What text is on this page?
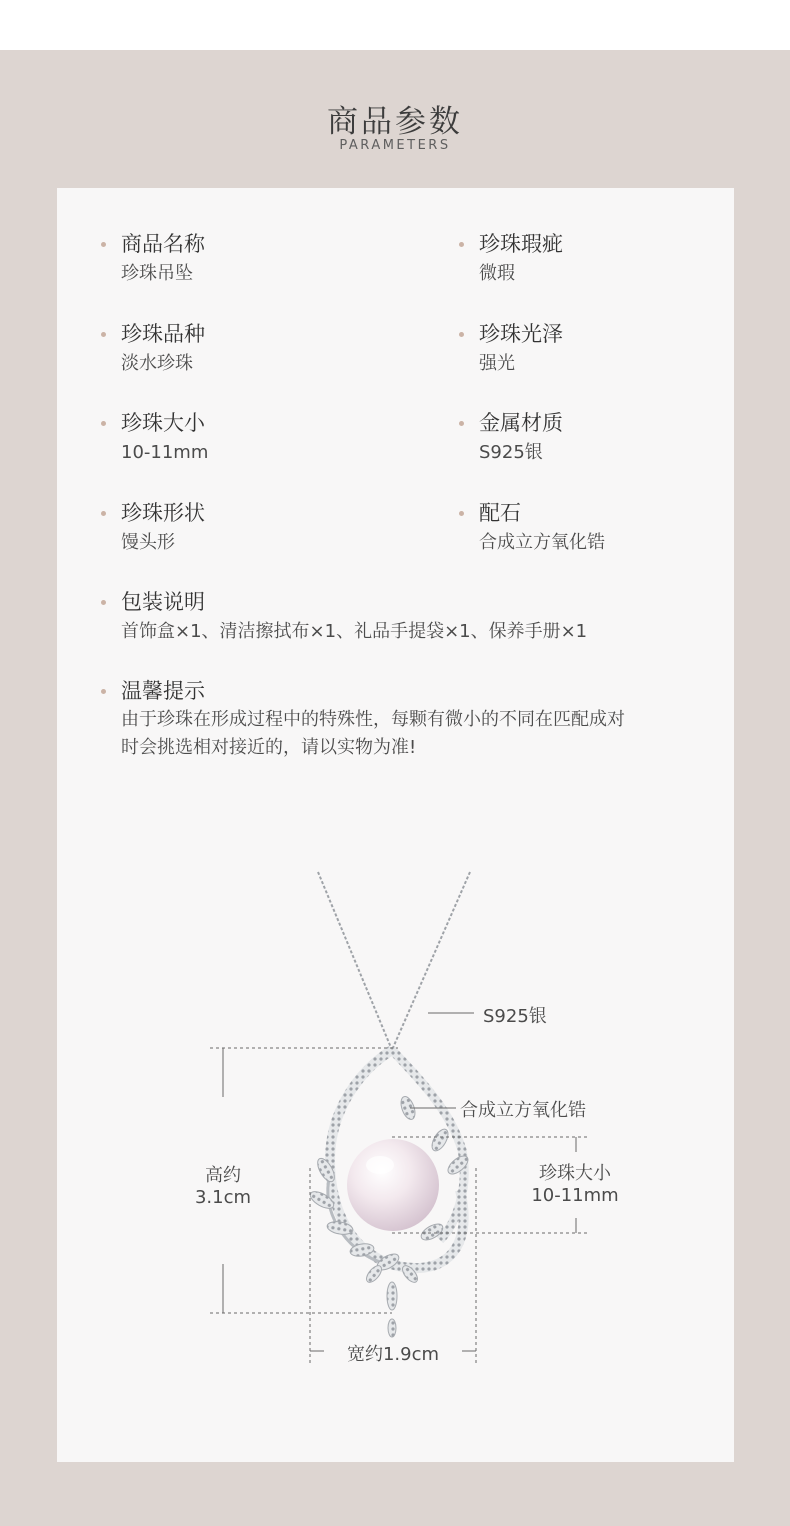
商品参数
PARAMETERS
商品名称
珍珠吊坠
珍珠品种
淡水珍珠
珍珠大小
10-11mm
珍珠形状
馒头形
珍珠瑕疵
微瑕
珍珠光泽
强光
金属材质
S925银
配石
合成立方氧化锆
包装说明
首饰盒×1、清洁擦拭布×1、礼品手提袋×1、保养手册×1
温馨提示
由于珍珠在形成过程中的特殊性，每颗有微小的不同在匹配成对
时会挑选相对接近的，请以实物为准!
S925银
合成立方氧化锆
高约
3.1cm
珍珠大小
10-11mm
宽约1.9cm
